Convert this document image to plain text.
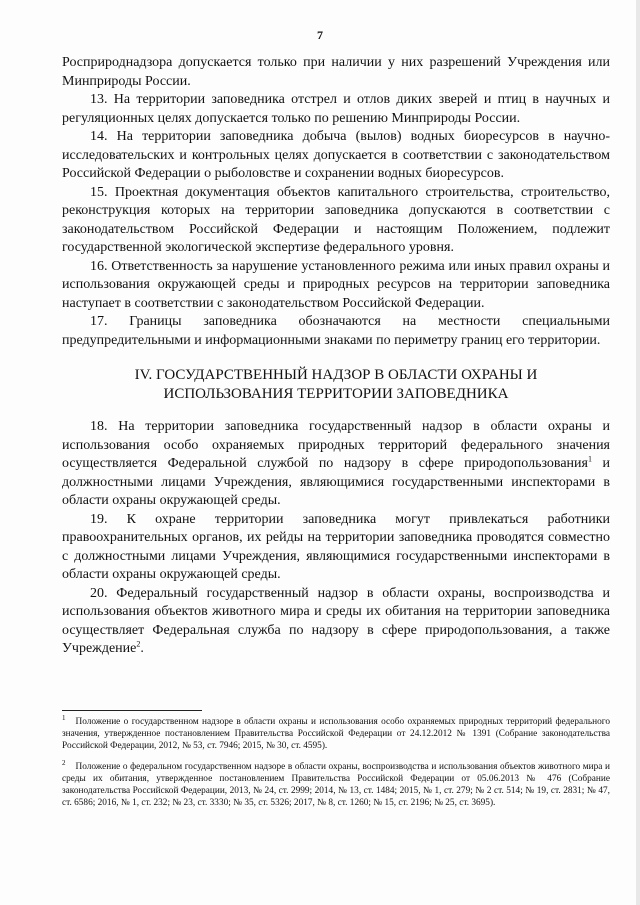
7

Росприроднадзора допускается только при наличии у них разрешений Учреждения или Минприроды России.

13. На территории заповедника отстрел и отлов диких зверей и птиц в научных и регуляционных целях допускается только по решению Минприроды России.

14. На территории заповедника добыча (вылов) водных биоресурсов в научно-исследовательских и контрольных целях допускается в соответствии с законодательством Российской Федерации о рыболовстве и сохранении водных биоресурсов.

15. Проектная документация объектов капитального строительства, строительство, реконструкция которых на территории заповедника допускаются в соответствии с законодательством Российской Федерации и настоящим Положением, подлежит государственной экологической экспертизе федерального уровня.

16. Ответственность за нарушение установленного режима или иных правил охраны и использования окружающей среды и природных ресурсов на территории заповедника наступает в соответствии с законодательством Российской Федерации.

17. Границы заповедника обозначаются на местности специальными предупредительными и информационными знаками по периметру границ его территории.

IV. ГОСУДАРСТВЕННЫЙ НАДЗОР В ОБЛАСТИ ОХРАНЫ И
ИСПОЛЬЗОВАНИЯ ТЕРРИТОРИИ ЗАПОВЕДНИКА

18. На территории заповедника государственный надзор в области охраны и использования особо охраняемых природных территорий федерального значения осуществляется Федеральной службой по надзору в сфере природопользования$^1$ и должностными лицами Учреждения, являющимися государственными инспекторами в области охраны окружающей среды.

19. К охране территории заповедника могут привлекаться работники правоохранительных органов, их рейды на территории заповедника проводятся совместно с должностными лицами Учреждения, являющимися государственными инспекторами в области охраны окружающей среды.

20. Федеральный государственный надзор в области охраны, воспроизводства и использования объектов животного мира и среды их обитания на территории заповедника осуществляет Федеральная служба по надзору в сфере природопользования, а также Учреждение$^2$.

$^1$ Положение о государственном надзоре в области охраны и использования особо охраняемых природных территорий федерального значения, утвержденное постановлением Правительства Российской Федерации от 24.12.2012 № 1391 (Собрание законодательства Российской Федерации, 2012, № 53, ст. 7946; 2015, № 30, ст. 4595).

$^2$ Положение о федеральном государственном надзоре в области охраны, воспроизводства и использования объектов животного мира и среды их обитания, утвержденное постановлением Правительства Российской Федерации от 05.06.2013 № 476 (Собрание законодательства Российской Федерации, 2013, № 24, ст. 2999; 2014, № 13, ст. 1484; 2015, № 1, ст. 279; № 2 ст. 514; № 19, ст. 2831; № 47, ст. 6586; 2016, № 1, ст. 232; № 23, ст. 3330; № 35, ст. 5326; 2017, № 8, ст. 1260; № 15, ст. 2196; № 25, ст. 3695).
